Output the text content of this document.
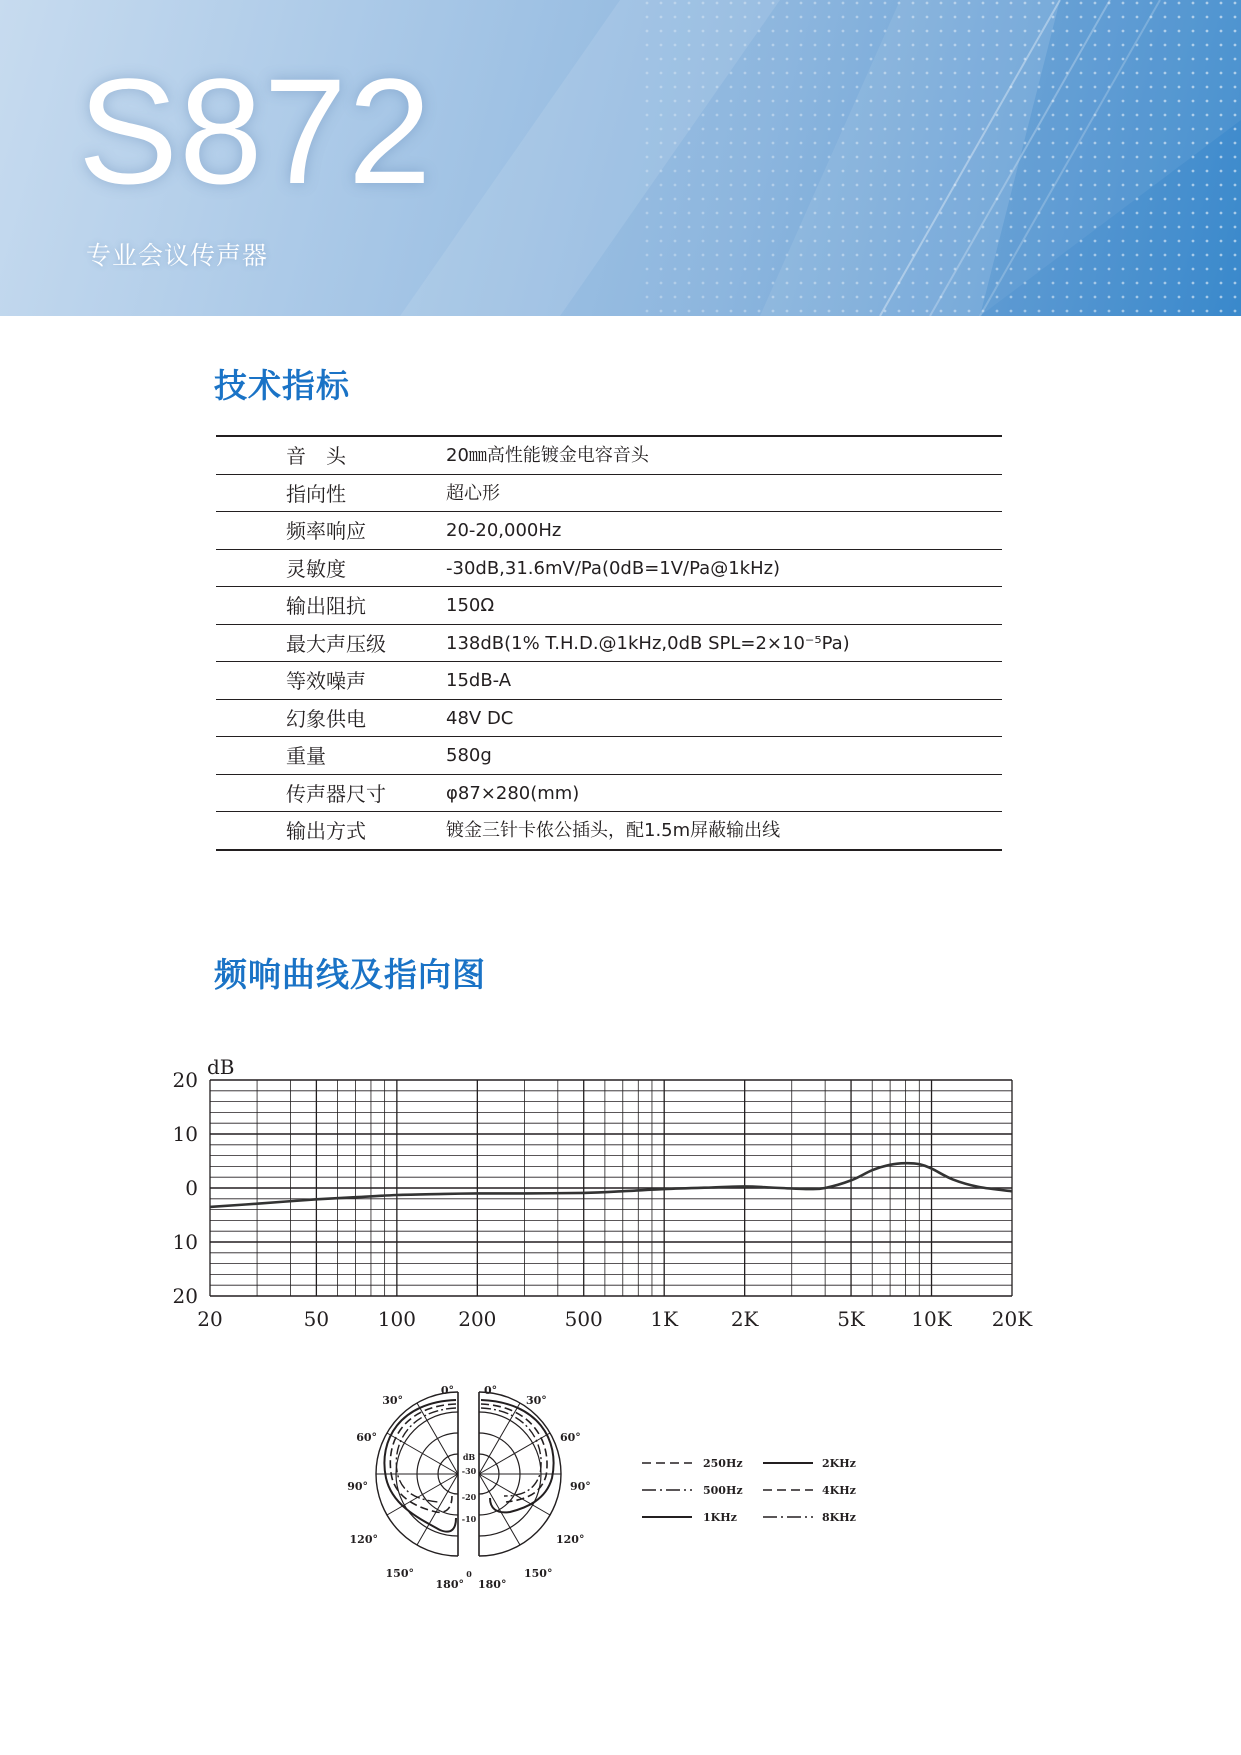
S872
专业会议传声器
技术指标
音　头	20㎜高性能镀金电容音头
指向性	超心形
频率响应	20-20,000Hz
灵敏度	-30dB,31.6mV/Pa(0dB=1V/Pa@1kHz)
输出阻抗	150Ω
最大声压级	138dB(1% T.H.D.@1kHz,0dB SPL=2×10⁻⁵Pa)
等效噪声	15dB-A
幻象供电	48V DC
重量	580g
传声器尺寸	φ87×280(mm)
输出方式	镀金三针卡侬公插头，配1.5m屏蔽输出线
频响曲线及指向图
20	50 100 200	500 1K	2K	5K 10K 20K
20
10
0
10
20
dB
0°
30°
60°
90°
120°
150°
180°
0°
30°
60°
90°
120°
150°
180°
dB
-30
-20
-10
0
250Hz
500Hz
1KHz
2KHz
4KHz
8KHz
